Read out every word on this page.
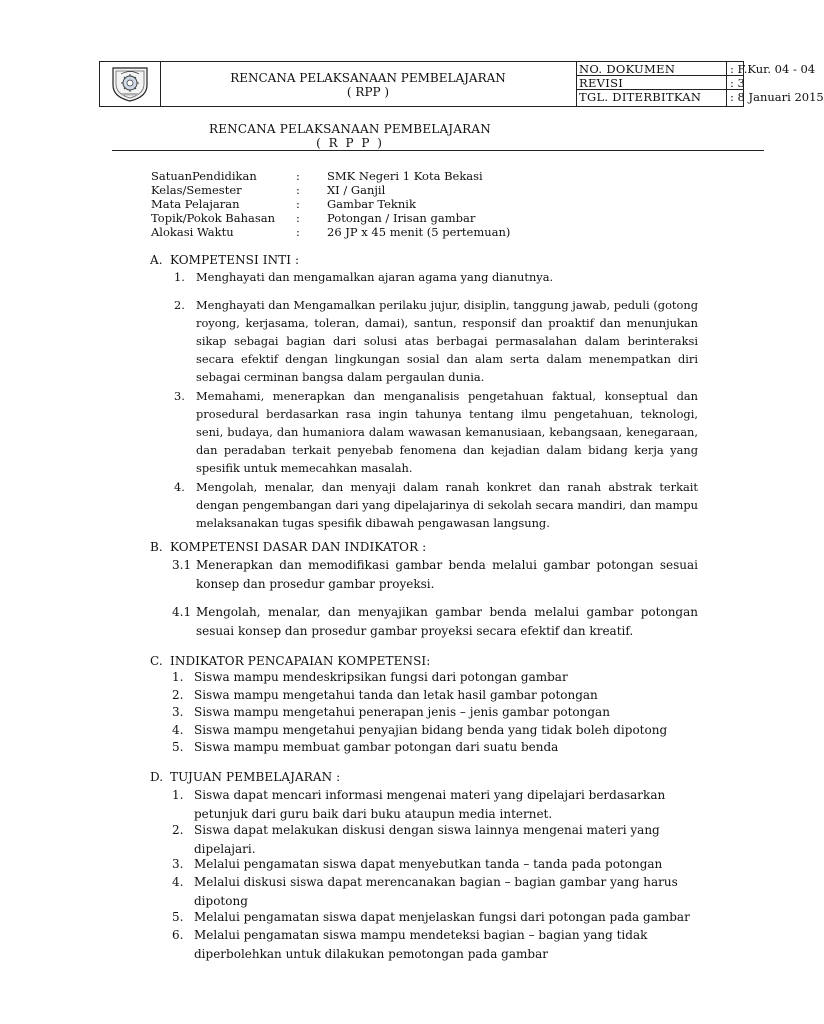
RENCANA PELAKSANAAN PEMBELAJARAN
( RPP )
NO. DOKUMEN	: F.Kur. 04 - 04
REVISI	: 3
TGL. DITERBITKAN	: 8 Januari 2015
RENCANA PELAKSANAAN PEMBELAJARAN
( R P P )
SatuanPendidikan	: SMK Negeri 1 Kota Bekasi
Kelas/Semester	: XI / Ganjil
Mata Pelajaran	: Gambar Teknik
Topik/Pokok Bahasan : Potongan / Irisan gambar
Alokasi Waktu	: 26 JP x 45 menit (5 pertemuan)
A. KOMPETENSI INTI :
1. Menghayati dan mengamalkan ajaran agama yang dianutnya.
2. Menghayati dan Mengamalkan perilaku jujur, disiplin, tanggung jawab, peduli (gotong royong, kerjasama, toleran, damai), santun, responsif dan proaktif dan menunjukan sikap sebagai bagian dari solusi atas berbagai permasalahan dalam berinteraksi secara efektif dengan lingkungan sosial dan alam serta dalam menempatkan diri sebagai cerminan bangsa dalam pergaulan dunia.
3. Memahami, menerapkan dan menganalisis pengetahuan faktual, konseptual dan prosedural berdasarkan rasa ingin tahunya tentang ilmu pengetahuan, teknologi, seni, budaya, dan humaniora dalam wawasan kemanusiaan, kebangsaan, kenegaraan, dan peradaban terkait penyebab fenomena dan kejadian dalam bidang kerja yang spesifik untuk memecahkan masalah.
4. Mengolah, menalar, dan menyaji dalam ranah konkret dan ranah abstrak terkait dengan pengembangan dari yang dipelajarinya di sekolah secara mandiri, dan mampu melaksanakan tugas spesifik dibawah pengawasan langsung.
B. KOMPETENSI DASAR DAN INDIKATOR :
3.1 Menerapkan dan memodifikasi gambar benda melalui gambar potongan sesuai konsep dan prosedur gambar proyeksi.
4.1 Mengolah, menalar, dan menyajikan gambar benda melalui gambar potongan sesuai konsep dan prosedur gambar proyeksi secara efektif dan kreatif.
C. INDIKATOR PENCAPAIAN KOMPETENSI:
1. Siswa mampu mendeskripsikan fungsi dari potongan gambar
2. Siswa mampu mengetahui tanda dan letak hasil gambar potongan
3. Siswa mampu mengetahui penerapan jenis – jenis gambar potongan
4. Siswa mampu mengetahui penyajian bidang benda yang tidak boleh dipotong
5. Siswa mampu membuat gambar potongan dari suatu benda
D. TUJUAN PEMBELAJARAN :
1. Siswa dapat mencari informasi mengenai materi yang dipelajari berdasarkan petunjuk dari guru baik dari buku ataupun media internet.
2. Siswa dapat melakukan diskusi dengan siswa lainnya mengenai materi yang dipelajari.
3. Melalui pengamatan siswa dapat menyebutkan tanda – tanda pada potongan
4. Melalui diskusi siswa dapat merencanakan bagian – bagian gambar yang harus dipotong
5. Melalui pengamatan siswa dapat menjelaskan fungsi dari potongan pada gambar
6. Melalui pengamatan siswa mampu mendeteksi bagian – bagian yang tidak diperbolehkan untuk dilakukan pemotongan pada gambar
